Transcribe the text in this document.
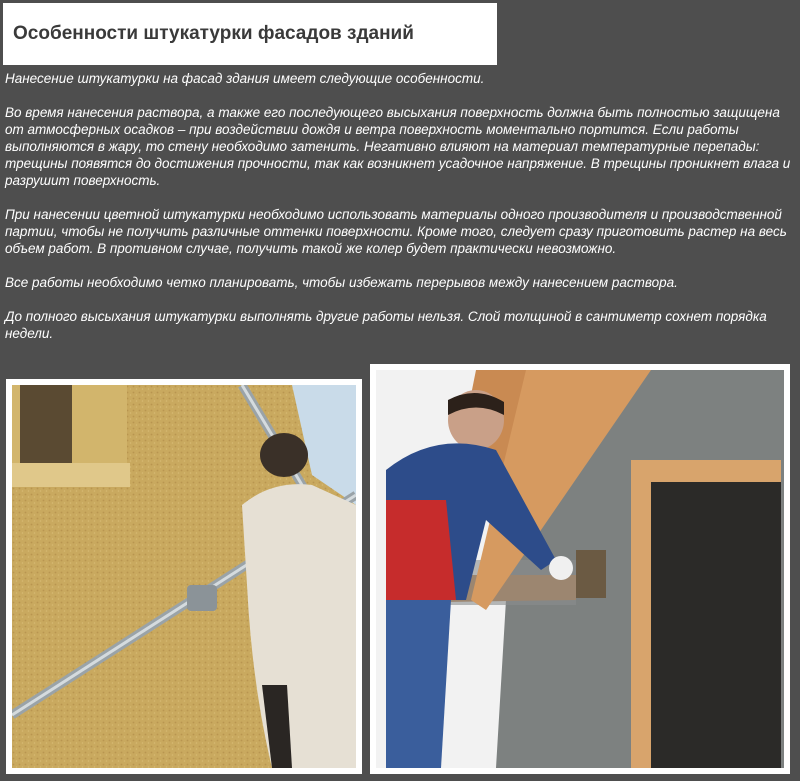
Особенности штукатурки фасадов зданий

Нанесение штукатурки на фасад здания имеет следующие особенности.

Во время нанесения раствора, а также его последующего высыхания поверхность должна быть полностью защищена от атмосферных осадков – при воздействии дождя и ветра поверхность моментально портится. Если работы выполняются в жару, то стену необходимо затенить. Негативно влияют на материал температурные перепады: трещины появятся до достижения прочности, так как возникнет усадочное напряжение. В трещины проникнет влага и разрушит поверхность.

При нанесении цветной штукатурки необходимо использовать материалы одного производителя и производственной партии, чтобы не получить различные оттенки поверхности. Кроме того, следует сразу приготовить растер на весь объем работ. В противном случае, получить такой же колер будет практически невозможно.

Все работы необходимо четко планировать, чтобы избежать перерывов между нанесением раствора.

До полного высыхания штукатурки выполнять другие работы нельзя. Слой толщиной в сантиметр сохнет порядка недели.
